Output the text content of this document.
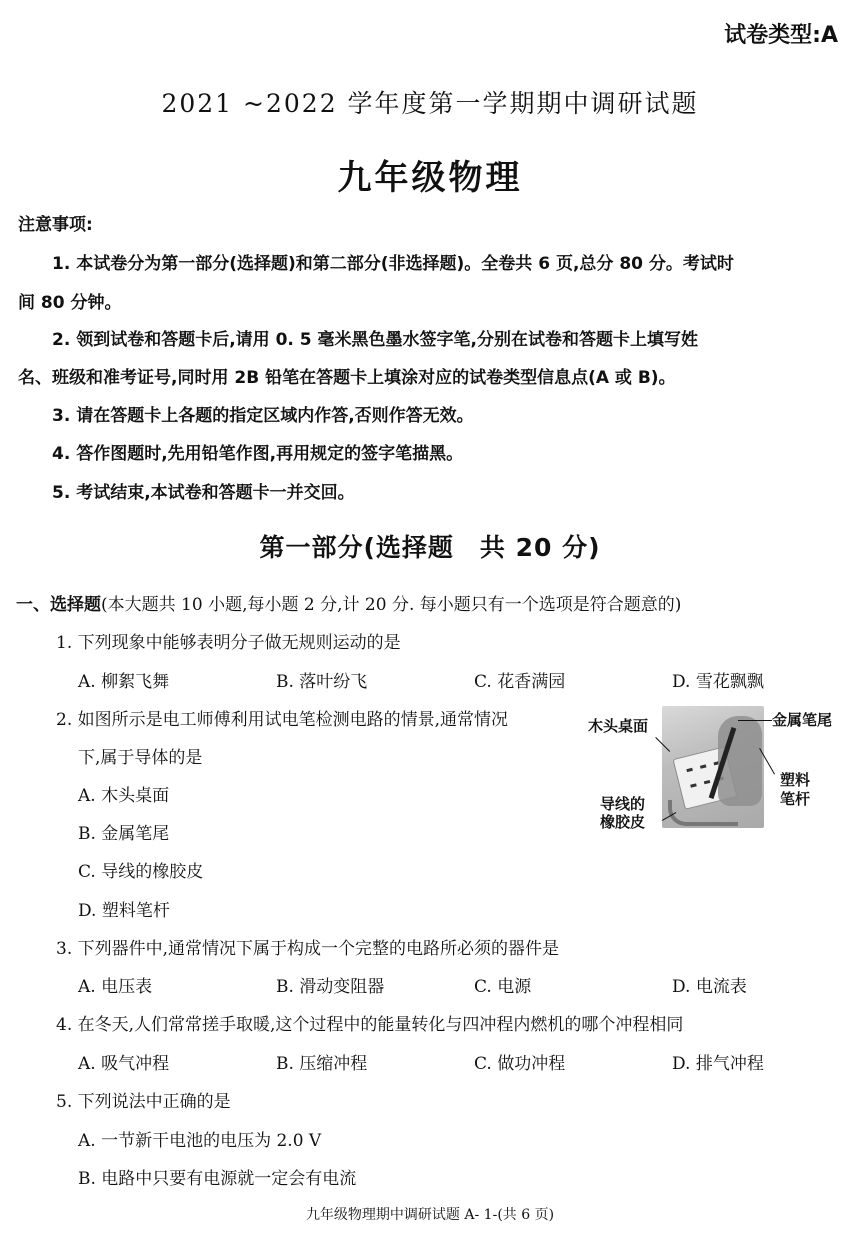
试卷类型:A
2021 ~2022 学年度第一学期期中调研试题
九年级物理
注意事项:
1. 本试卷分为第一部分(选择题)和第二部分(非选择题)。全卷共 6 页,总分 80 分。考试时
间 80 分钟。
2. 领到试卷和答题卡后,请用 0. 5 毫米黑色墨水签字笔,分别在试卷和答题卡上填写姓
名、班级和准考证号,同时用 2B 铅笔在答题卡上填涂对应的试卷类型信息点(A 或 B)。
3. 请在答题卡上各题的指定区域内作答,否则作答无效。
4. 答作图题时,先用铅笔作图,再用规定的签字笔描黑。
5. 考试结束,本试卷和答题卡一并交回。
第一部分(选择题　共 20 分)
一、选择题(本大题共 10 小题,每小题 2 分,计 20 分. 每小题只有一个选项是符合题意的)
1. 下列现象中能够表明分子做无规则运动的是
A. 柳絮飞舞	B. 落叶纷飞	C. 花香满园	D. 雪花飘飘
2. 如图所示是电工师傅利用试电笔检测电路的情景,通常情况
下,属于导体的是
A. 木头桌面
B. 金属笔尾
C. 导线的橡胶皮
D. 塑料笔杆
木头桌面	金属笔尾
塑料
笔杆
导线的
橡胶皮
3. 下列器件中,通常情况下属于构成一个完整的电路所必须的器件是
A. 电压表	B. 滑动变阻器	C. 电源	D. 电流表
4. 在冬天,人们常常搓手取暖,这个过程中的能量转化与四冲程内燃机的哪个冲程相同
A. 吸气冲程	B. 压缩冲程	C. 做功冲程	D. 排气冲程
5. 下列说法中正确的是
A. 一节新干电池的电压为 2.0 V
B. 电路中只要有电源就一定会有电流
九年级物理期中调研试题 A- 1-(共 6 页)
